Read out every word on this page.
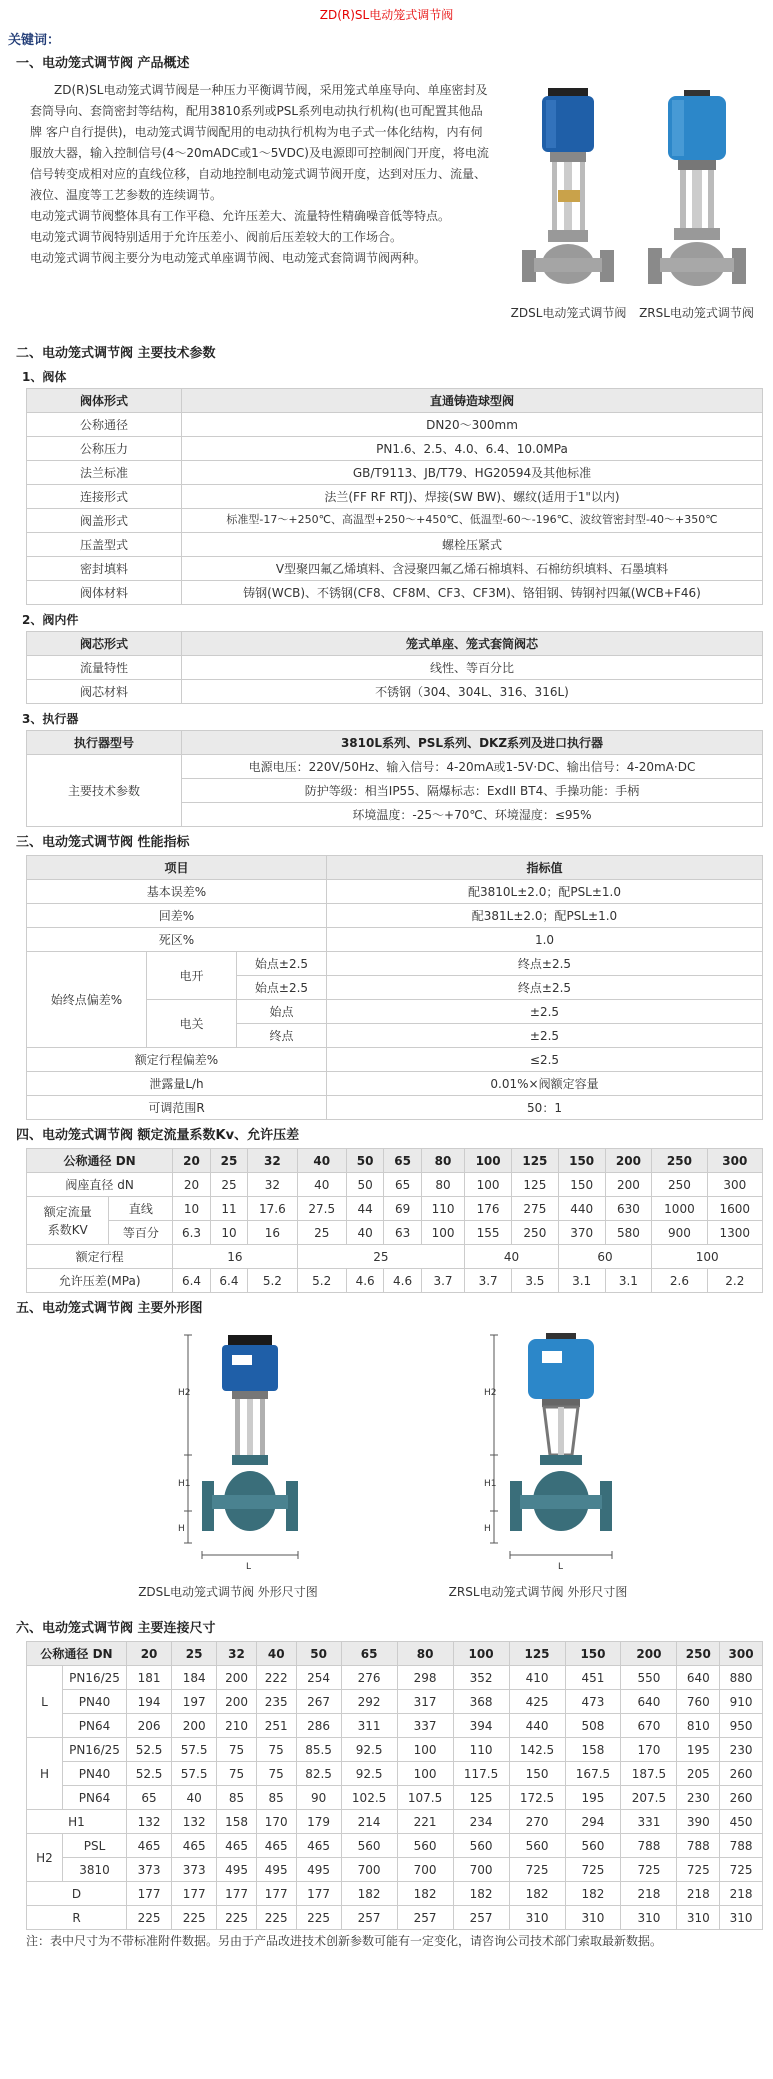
ZD(R)SL电动笼式调节阀
关键词：
一、电动笼式调节阀 产品概述

ZD(R)SL电动笼式调节阀是一种压力平衡调节阀，采用笼式单座导向、单座密封及套筒导向、套筒密封等结构，配用3810系列或PSL系列电动执行机构(也可配置其他品牌 客户自行提供)，电动笼式调节阀配用的电动执行机构为电子式一体化结构，内有伺服放大器，输入控制信号(4～20mADC或1～5VDC)及电源即可控制阀门开度，将电流信号转变成相对应的直线位移，自动地控制电动笼式调节阀开度，达到对压力、流量、液位、温度等工艺参数的连续调节。

电动笼式调节阀整体具有工作平稳、允许压差大、流量特性精确噪音低等特点。

电动笼式调节阀特别适用于允许压差小、阀前后压差较大的工作场合。

电动笼式调节阀主要分为电动笼式单座调节阀、电动笼式套筒调节阀两种。

ZDSL电动笼式调节阀	ZRSL电动笼式调节阀
二、电动笼式调节阀 主要技术参数
1、阀体
阀体形式	直通铸造球型阀
公称通径	DN20～300mm
公称压力	PN1.6、2.5、4.0、6.4、10.0MPa
法兰标准	GB/T9113、JB/T79、HG20594及其他标准
连接形式	法兰(FF RF RTJ)、焊接(SW BW)、螺纹(适用于1"以内)
阀盖形式	标准型-17～+250℃、高温型+250～+450℃、低温型-60～-196℃、波纹管密封型-40～+350℃
压盖型式	螺栓压紧式
密封填料	V型聚四氟乙烯填料、含浸聚四氟乙烯石棉填料、石棉纺织填料、石墨填料
阀体材料	铸钢(WCB)、不锈钢(CF8、CF8M、CF3、CF3M)、铬钼钢、铸钢衬四氟(WCB+F46)
2、阀内件
阀芯形式	笼式单座、笼式套筒阀芯
流量特性	线性、等百分比
阀芯材料	不锈钢（304、304L、316、316L)
3、执行器
执行器型号	3810L系列、PSL系列、DKZ系列及进口执行器
主要技术参数	电源电压：220V/50Hz、输入信号：4-20mA或1-5V·DC、输出信号：4-20mA·DC
	防护等级：相当IP55、隔爆标志：ExdII BT4、手操功能：手柄
	环境温度：-25～+70℃、环境湿度：≤95%
三、电动笼式调节阀 性能指标
项目			指标值
基本误差%			配3810L±2.0；配PSL±1.0
回差%			配381L±2.0；配PSL±1.0
死区%			1.0
始终点偏差%	电开	始点±2.5	终点±2.5
		始点±2.5	终点±2.5
	电关	始点	±2.5
		终点	±2.5
额定行程偏差%			≤2.5
泄露量L/h			0.01%×阀额定容量
可调范围R			50：1
四、电动笼式调节阀 额定流量系数Kv、允许压差
公称通径 DN		20	25	32	40	50	65	80	100	125	150	200	250	300
阀座直径 dN		20	25	32	40	50	65	80	100	125	150	200	250	300

额定流量
系数KV	直线	10	11	17.6	27.5	44	69	110	176	275	440	630	1000	1600
	等百分	6.3	10	16	25	40	63	100	155	250	370	580	900	1300
额定行程		16			25				40		60		100	
允许压差(MPa)		6.4	6.4	5.2	5.2	4.6	4.6	3.7	3.7	3.5	3.1	3.1	2.6	2.2
五、电动笼式调节阀 主要外形图
H2
H1
H
L
ZDSL电动笼式调节阀 外形尺寸图
H2
H1
H
L
ZRSL电动笼式调节阀 外形尺寸图
六、电动笼式调节阀 主要连接尺寸
公称通径 DN		20	25	32	40	50	65	80	100	125	150	200	250	300
L	PN16/25	181	184	200	222	254	276	298	352	410	451	550	640	880
	PN40	194	197	200	235	267	292	317	368	425	473	640	760	910
	PN64	206	200	210	251	286	311	337	394	440	508	670	810	950
H	PN16/25	52.5	57.5	75	75	85.5	92.5	100	110	142.5	158	170	195	230
	PN40	52.5	57.5	75	75	82.5	92.5	100	117.5	150	167.5	187.5	205	260
	PN64	65	40	85	85	90	102.5	107.5	125	172.5	195	207.5	230	260
H1		132	132	158	170	179	214	221	234	270	294	331	390	450
H2	PSL	465	465	465	465	465	560	560	560	560	560	788	788	788
	3810	373	373	495	495	495	700	700	700	725	725	725	725	725
D		177	177	177	177	177	182	182	182	182	182	218	218	218
R		225	225	225	225	225	257	257	257	310	310	310	310	310
注：表中尺寸为不带标准附件数据。另由于产品改进技术创新参数可能有一定变化，请咨询公司技术部门索取最新数据。
